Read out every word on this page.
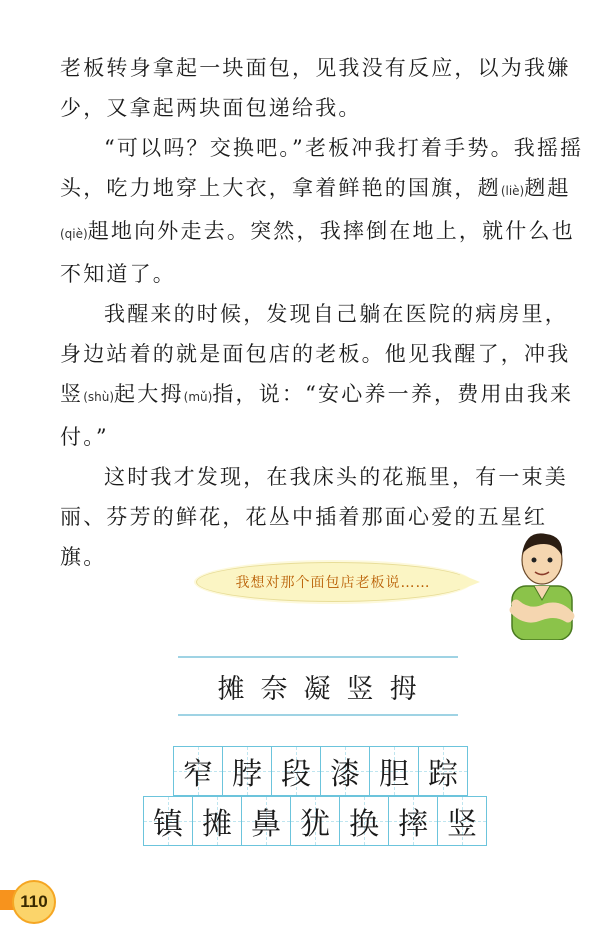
老板转身拿起一块面包，见我没有反应，以为我嫌少，又拿起两块面包递给我。

“可以吗？交换吧。”老板冲我打着手势。我摇摇头，吃力地穿上大衣，拿着鲜艳的国旗，趔(liè)趔趄(qiè)趄地向外走去。突然，我摔倒在地上，就什么也不知道了。

我醒来的时候，发现自己躺在医院的病房里，身边站着的就是面包店的老板。他见我醒了，冲我竖(shù)起大拇(mǔ)指，说：“安心养一养，费用由我来付。”

这时我才发现，在我床头的花瓶里，有一束美丽、芬芳的鲜花，花丛中插着那面心爱的五星红旗。

我想对那个面包店老板说……
摊 奈 凝 竖 拇
窄 脖 段 漆 胆 踪
镇 摊 鼻 犹 换 摔 竖
110
